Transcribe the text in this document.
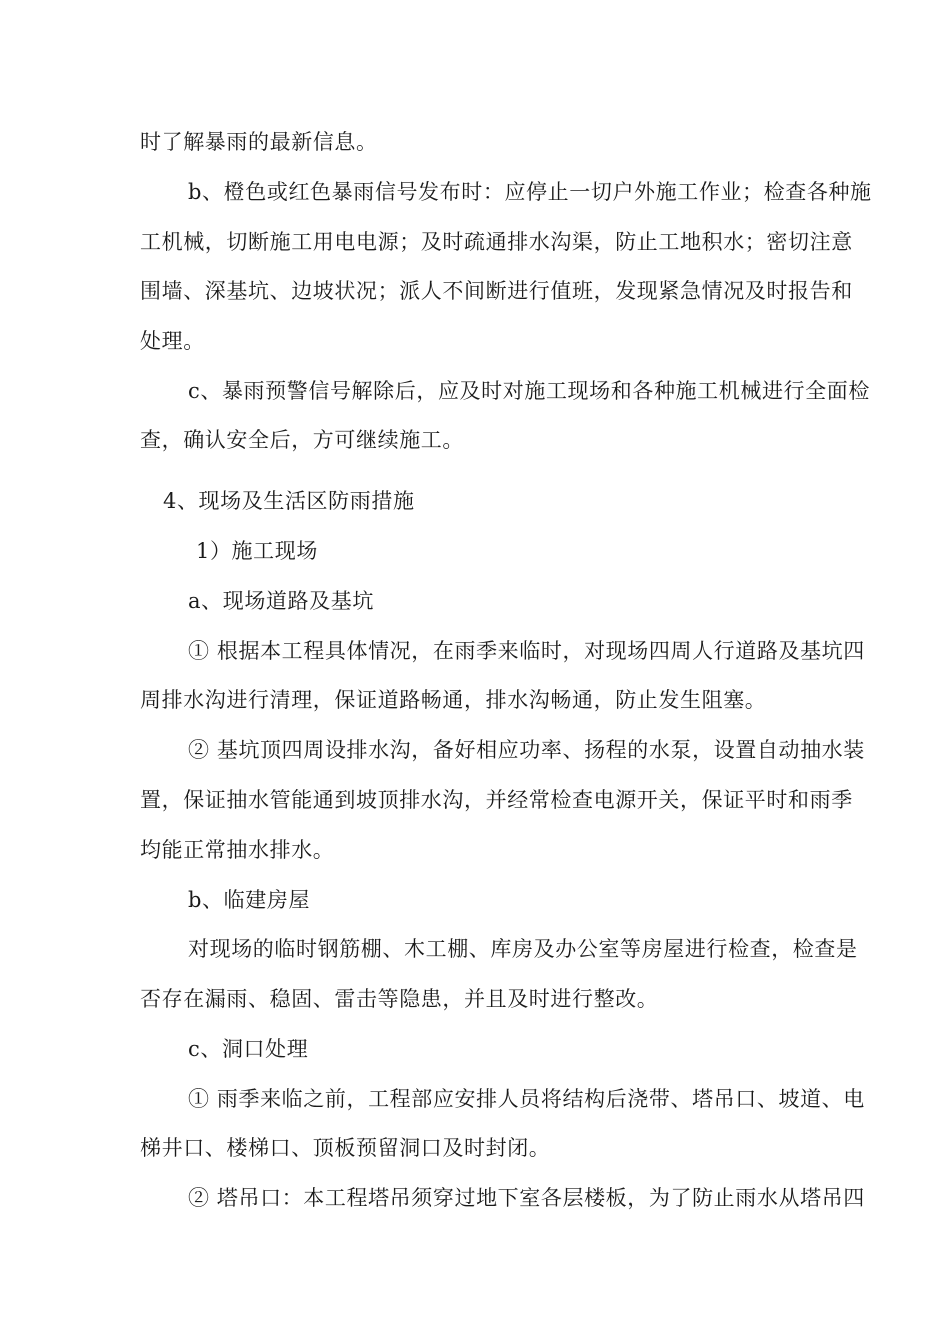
时了解暴雨的最新信息。
b、橙色或红色暴雨信号发布时：应停止一切户外施工作业；检查各种施
工机械，切断施工用电电源；及时疏通排水沟渠，防止工地积水；密切注意
围墙、深基坑、边坡状况；派人不间断进行值班，发现紧急情况及时报告和
处理。
c、暴雨预警信号解除后，应及时对施工现场和各种施工机械进行全面检
查，确认安全后，方可继续施工。
4、现场及生活区防雨措施
1）施工现场
a、现场道路及基坑
① 根据本工程具体情况，在雨季来临时，对现场四周人行道路及基坑四
周排水沟进行清理，保证道路畅通，排水沟畅通，防止发生阻塞。
② 基坑顶四周设排水沟，备好相应功率、扬程的水泵，设置自动抽水装
置，保证抽水管能通到坡顶排水沟，并经常检查电源开关，保证平时和雨季
均能正常抽水排水。
b、临建房屋
对现场的临时钢筋棚、木工棚、库房及办公室等房屋进行检查，检查是
否存在漏雨、稳固、雷击等隐患，并且及时进行整改。
c、洞口处理
① 雨季来临之前，工程部应安排人员将结构后浇带、塔吊口、坡道、电
梯井口、楼梯口、顶板预留洞口及时封闭。
② 塔吊口：本工程塔吊须穿过地下室各层楼板，为了防止雨水从塔吊四
